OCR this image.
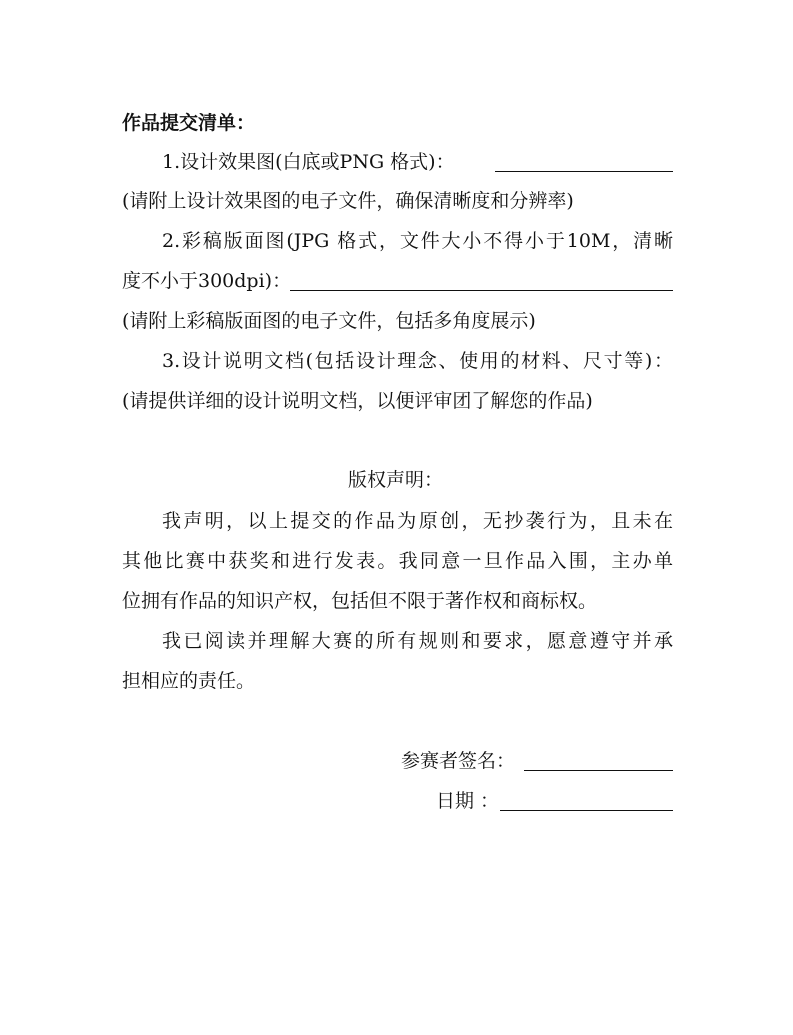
作品提交清单：
1.设计效果图(白底或PNG 格式)：
(请附上设计效果图的电子文件，确保清晰度和分辨率)
2.彩稿版面图(JPG 格式，文件大小不得小于10M，清晰
度不小于300dpi)：
(请附上彩稿版面图的电子文件，包括多角度展示)
3.设计说明文档(包括设计理念、使用的材料、尺寸等)：
(请提供详细的设计说明文档，以便评审团了解您的作品)
版权声明：
我声明，以上提交的作品为原创，无抄袭行为，且未在
其他比赛中获奖和进行发表。我同意一旦作品入围，主办单
位拥有作品的知识产权，包括但不限于著作权和商标权。
我已阅读并理解大赛的所有规则和要求，愿意遵守并承
担相应的责任。
参赛者签名：
日期 ：
